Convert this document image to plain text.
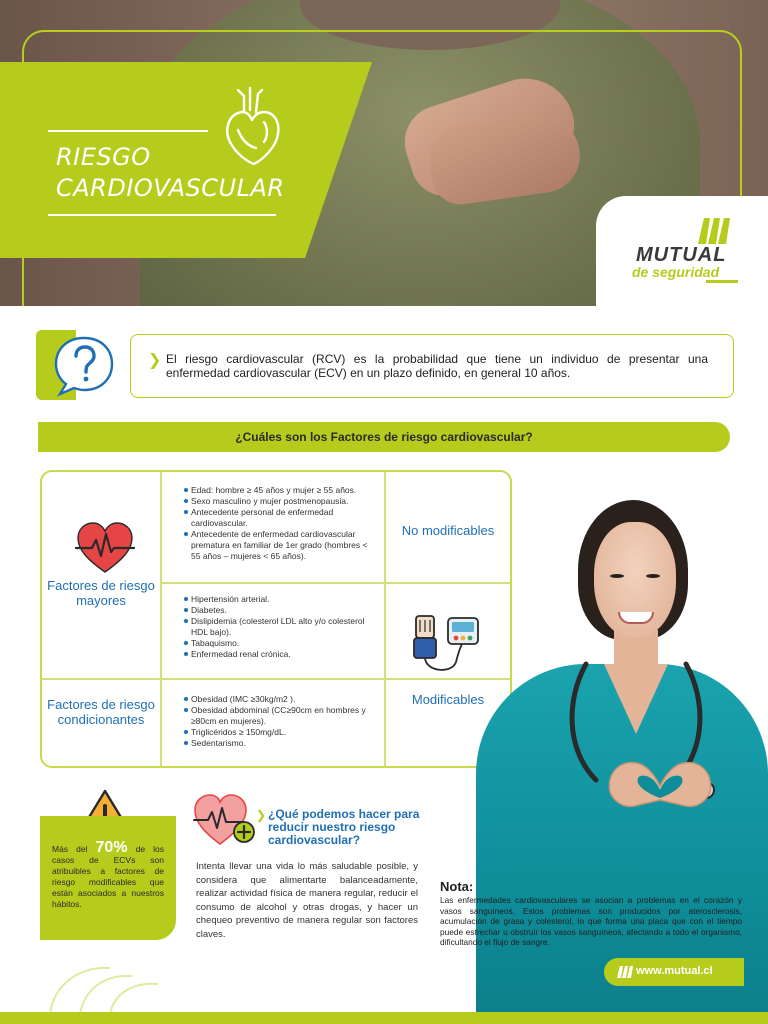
RIESGO
CARDIOVASCULAR
MUTUAL
de seguridad
❯ El riesgo cardiovascular (RCV) es la probabilidad que tiene un individuo de presentar una enfermedad cardiovascular (ECV) en un plazo definido, en general 10 años.

¿Cuáles son los Factores de riesgo cardiovascular?
Factores de riesgo mayores
Factores de riesgo condicionantes
No modificables
Modificables
Edad: hombre ≥ 45 años y mujer ≥ 55 años.
Sexo masculino y mujer postmenopausia.
Antecedente personal de enfermedad cardiovascular.
Antecedente de enfermedad cardiovascular prematura en familiar de 1er grado (hombres < 55 años – mujeres < 65 años).
Hipertensión arterial.
Diabetes.
Dislipidemia (colesterol LDL alto y/o colesterol HDL bajo).
Tabaquismo.
Enfermedad renal crónica.
Obesidad (IMC ≥30kg/m2 ).
Obesidad abdominal (CC≥90cm en hombres y ≥80cm en mujeres).
Triglicéridos ≥ 150mg/dL.
Sedentarismo.

Más del 70% de los casos de ECVs son atribuibles a factores de riesgo modificables que están asociados a nuestros hábitos.

❯ ¿Qué podemos hacer para reducir nuestro riesgo cardiovascular?

Intenta llevar una vida lo más saludable posible, y considera que alimentarte balanceadamente, realizar actividad física de manera regular, reducir el consumo de alcohol y otras drogas, y hacer un chequeo preventivo de manera regular son factores claves.

Nota:

Las enfermedades cardiovasculares se asocian a problemas en el corazón y vasos sanguíneos. Estos problemas son producidos por aterosclerosis, acumulación de grasa y colesterol, lo que forma una placa que con el tiempo puede estrechar u obstruir los vasos sanguíneos, afectando a todo el organismo, dificultando el flujo de sangre.

www.mutual.cl
